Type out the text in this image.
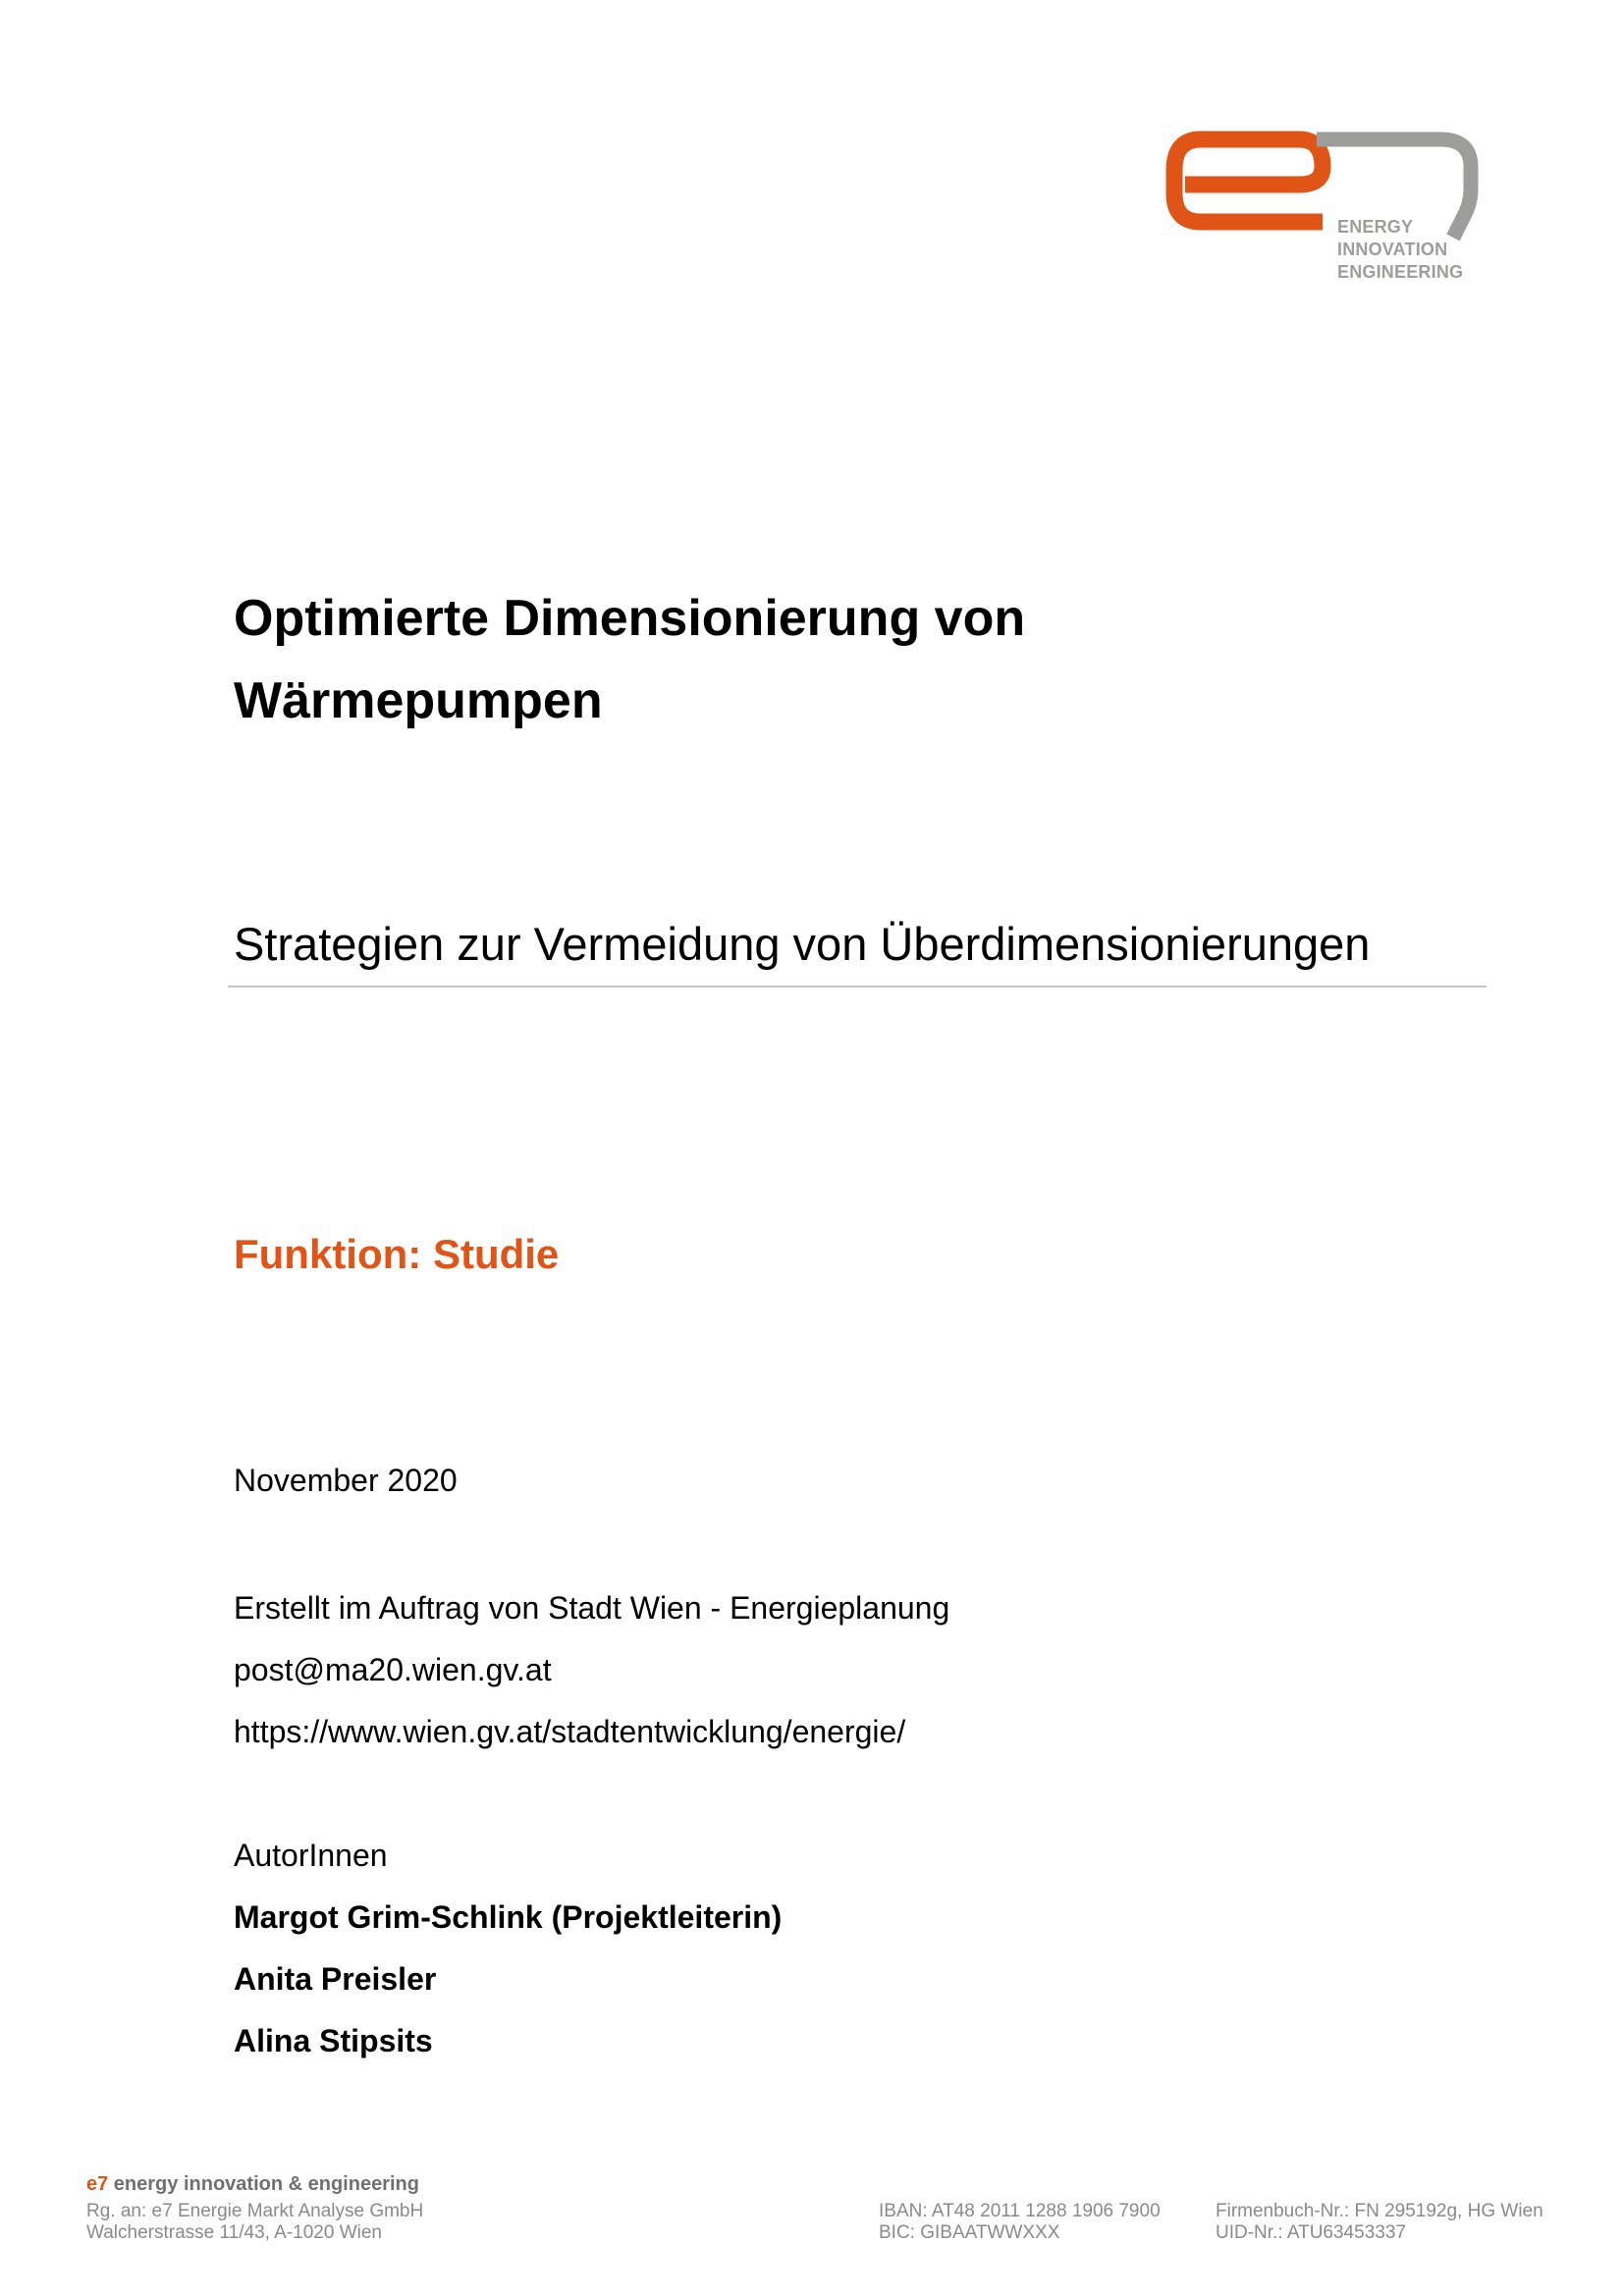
ENERGY
INNOVATION
ENGINEERING
Optimierte Dimensionierung von
Wärmepumpen
Strategien zur Vermeidung von Überdimensionierungen
Funktion: Studie
November 2020
Erstellt im Auftrag von Stadt Wien - Energieplanung
post@ma20.wien.gv.at
https://www.wien.gv.at/stadtentwicklung/energie/
AutorInnen
Margot Grim-Schlink (Projektleiterin)
Anita Preisler
Alina Stipsits
e7 energy innovation & engineering
Rg. an: e7 Energie Markt Analyse GmbH
Walcherstrasse 11/43, A-1020 Wien
IBAN: AT48 2011 1288 1906 7900
BIC: GIBAATWWXXX
Firmenbuch-Nr.: FN 295192g, HG Wien
UID-Nr.: ATU63453337
